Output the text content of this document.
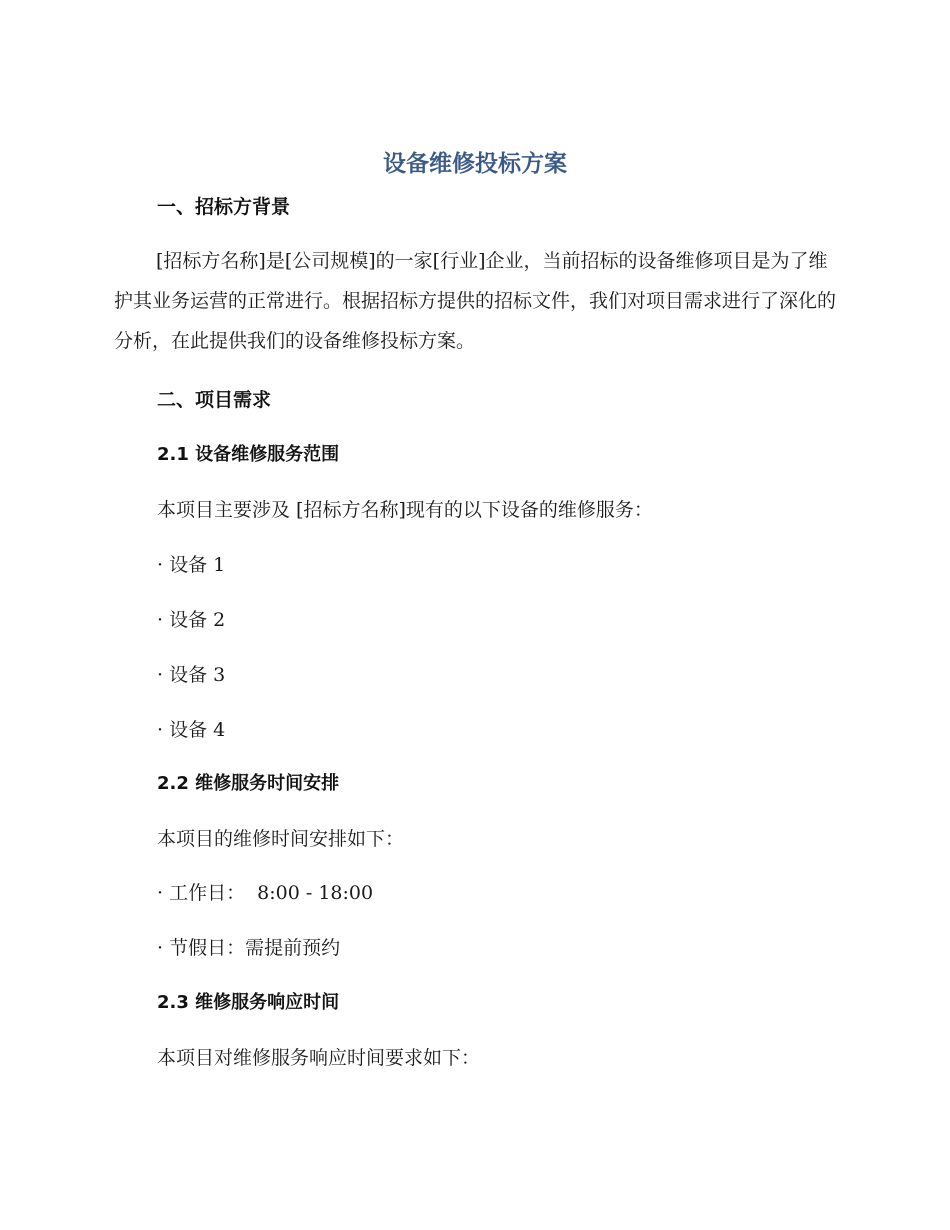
设备维修投标方案
一、招标方背景
[招标方名称]是[公司规模]的一家[行业]企业，当前招标的设备维修项目是为了维护其业务运营的正常进行。根据招标方提供的招标文件，我们对项目需求进行了深化的分析，在此提供我们的设备维修投标方案。
二、项目需求
2.1 设备维修服务范围
本项目主要涉及 [招标方名称]现有的以下设备的维修服务：
· 设备 1
· 设备 2
· 设备 3
· 设备 4
2.2 维修服务时间安排
本项目的维修时间安排如下：
· 工作日：  8:00 - 18:00
· 节假日：需提前预约
2.3 维修服务响应时间
本项目对维修服务响应时间要求如下：
